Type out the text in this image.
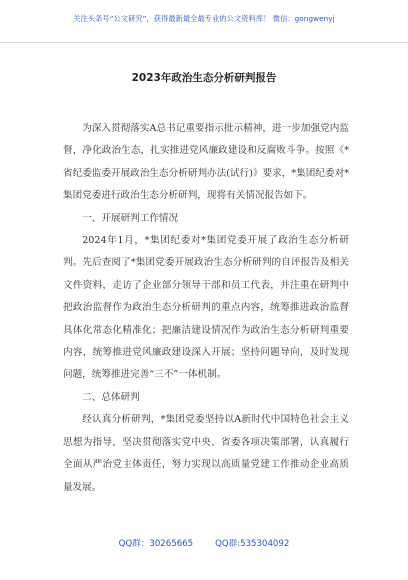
关注头条号“公文研究”，获得最新最全最专业的公文资料库！ 微信：gongwenyj
2023年政治生态分析研判报告

为深入贯彻落实A总书记重要指示批示精神，进一步加强党内监督，净化政治生态，扎实推进党风廉政建设和反腐败斗争。按照《*省纪委监委开展政治生态分析研判办法(试行)》要求，*集团纪委对*集团党委进行政治生态分析研判，现将有关情况报告如下。

一、开展研判工作情况

2024年1月，*集团纪委对*集团党委开展了政治生态分析研判。先后查阅了*集团党委开展政治生态分析研判的自评报告及相关文件资料，走访了企业部分领导干部和员工代表，并注重在研判中把政治监督作为政治生态分析研判的重点内容，统筹推进政治监督具体化常态化精准化；把廉洁建设情况作为政治生态分析研判重要内容，统筹推进党风廉政建设深入开展；坚持问题导向，及时发现问题，统筹推进完善“三不”一体机制。

二、总体研判

经认真分析研判，*集团党委坚持以A新时代中国特色社会主义思想为指导，坚决贯彻落实党中央、省委各项决策部署，认真履行全面从严治党主体责任，努力实现以高质量党建工作推动企业高质量发展。

QQ群：30265665	QQ群:535304092
